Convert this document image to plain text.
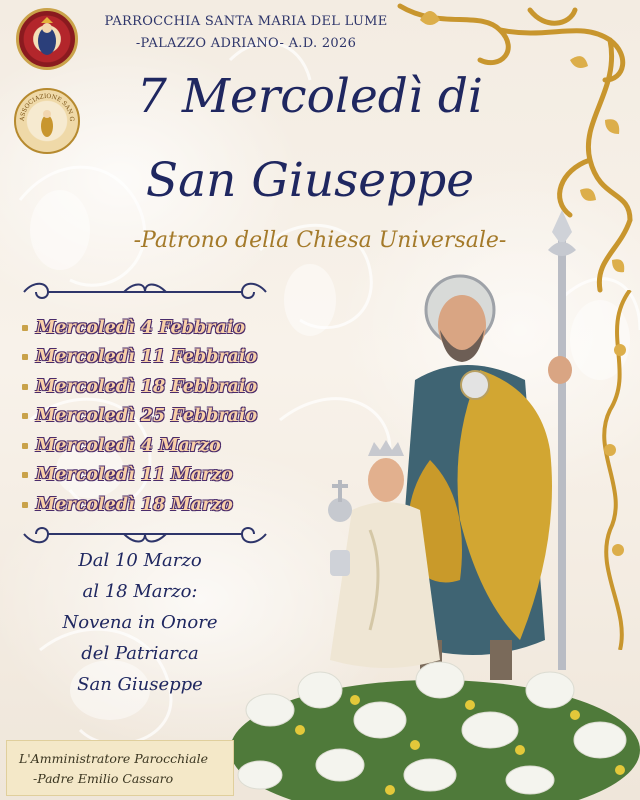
ASSOCIAZIONE SAN G
PARROCCHIA SANTA MARIA DEL LUME
-PALAZZO ADRIANO- A.D. 2026
7 Mercoledì di
San Giuseppe
-Patrono della Chiesa Universale-
Mercoledì 4 Febbraio
Mercoledì 11 Febbraio
Mercoledì 18 Febbraio
Mercoledì 25 Febbraio
Mercoledì 4 Marzo
Mercoledì 11 Marzo
Mercoledì 18 Marzo
Dal 10 Marzo
al 18 Marzo:
Novena in Onore
del Patriarca
San Giuseppe
L'Amministratore Parocchiale
-Padre Emilio Cassaro
